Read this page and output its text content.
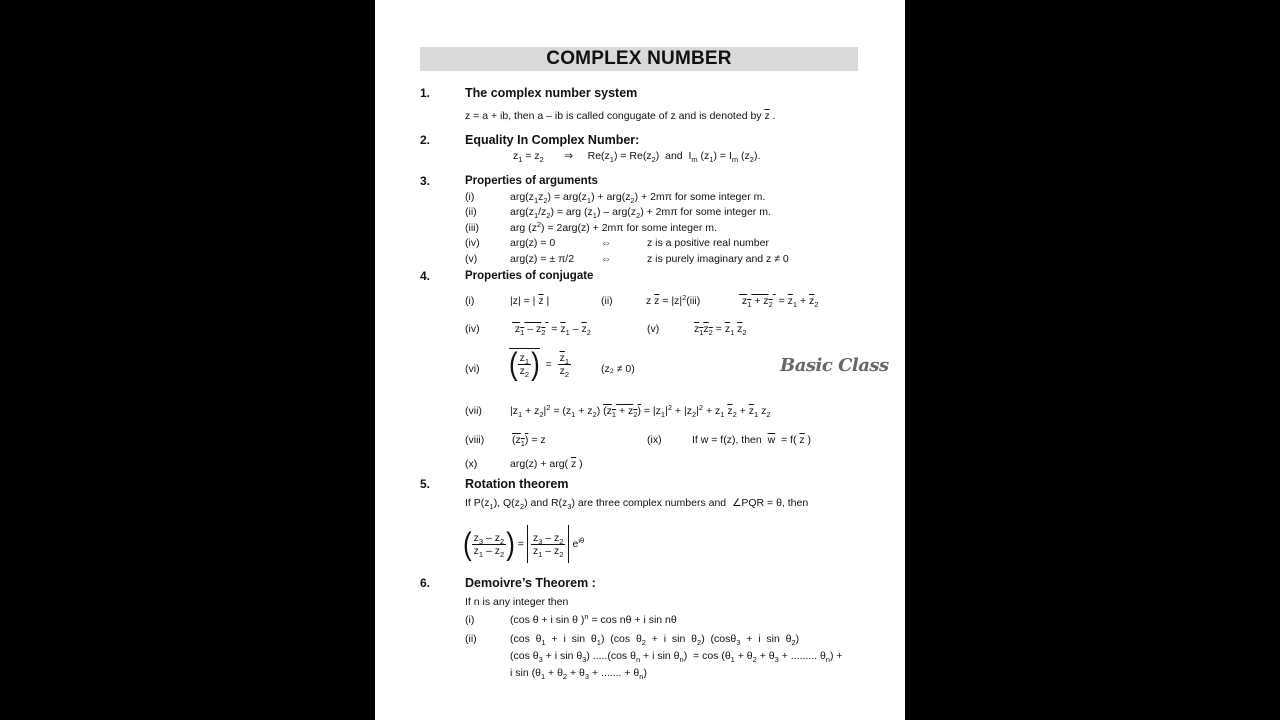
COMPLEX NUMBER
1.	The complex number system
z = a + ib, then a – ib is called congugate of z and is denoted by $\overline{z}$ .
2.	Equality In Complex Number:
$z_1 = z_2$       ⇒     $Re(z_1) = Re(z_2)$  and  $I_m$ $(z_1) = I_m$ $(z_2)$.
3.	Properties of arguments
(i)	$arg(z_1z_2) = arg(z_1) + arg(z_2) + 2m\pi$ for some integer m.
(ii)	$arg(z_1/z_2)$ = arg $(z_1) - arg(z_2) + 2m\pi$ for some integer m.
(iii)	arg $(z^2) = 2arg(z) + 2m\pi$ for some integer m.
(iv)	arg(z) = 0	⇔	z is a positive real number
(v)	arg(z) = ± π/2	⇔	z is purely imaginary and z ≠ 0
4.	Properties of conjugate
(i)	|z| = | $\overline{z}$ |	(ii)	z $\overline{z} = |z|^2(iii)$	$z_1 + z_2 = \overline{z}_1 + \overline{z}_2$
(iv)	$z_1 - z_2 = \overline{z}_1 - \overline{z}_2$	(v)	$z_1z_2 = \overline{z}_1$ $\overline{z}_2$
(vi) ( $\frac{z_1}{z_2}$ )  = $\frac{\overline{z}_1}{\overline{z}_2}$	(z₂ ≠ 0)
(vii)	$|z_1 + z_2|^2 = (z_1 + z_2) (z_1 + z_2) = |z_1|^2 + |z_2|^2 + z_1$ $\overline{z}_2 + \overline{z}_1$ $z_2$
(viii)	$(z_1) = z$	(ix)	If w = f(z), then  $\overline{w} = f$( $\overline{z}$ )
(x)	arg(z) + arg( $\overline{z}$ )
5.	Rotation theorem
If $P(z_1)$, $Q(z_2)$ and $R(z_3)$ are three complex numbers and  ∠PQR = θ, then
( $\frac{z_3 - z_2}{z_1 - z_2}$ ) = $\frac{z_3 - z_2}{z_1 - z_2} e^{i\theta}$
6.	Demoivre’s Theorem :
If n is any integer then
(i)	(cos θ + i sin θ )$^n$ = cos nθ + i sin nθ
(ii)	(cos  $\theta_1 + i$  $\sin \theta_1$)  (cos  $\theta_2 + i$  $\sin \theta_2$)  (cosθ$_3$  +  i  $\sin \theta_2$)
(cos $\theta_3 + i$ $\sin \theta_3$) .....(cos $\theta_n + i$ $\sin \theta_n) = \cos (\theta_1 + \theta_2 + \theta_3$ + ......... $\theta_n$) +
i $\sin (\theta_1 + \theta_2 + \theta_3$ + ....... + $\theta_n$)
Basic Class
